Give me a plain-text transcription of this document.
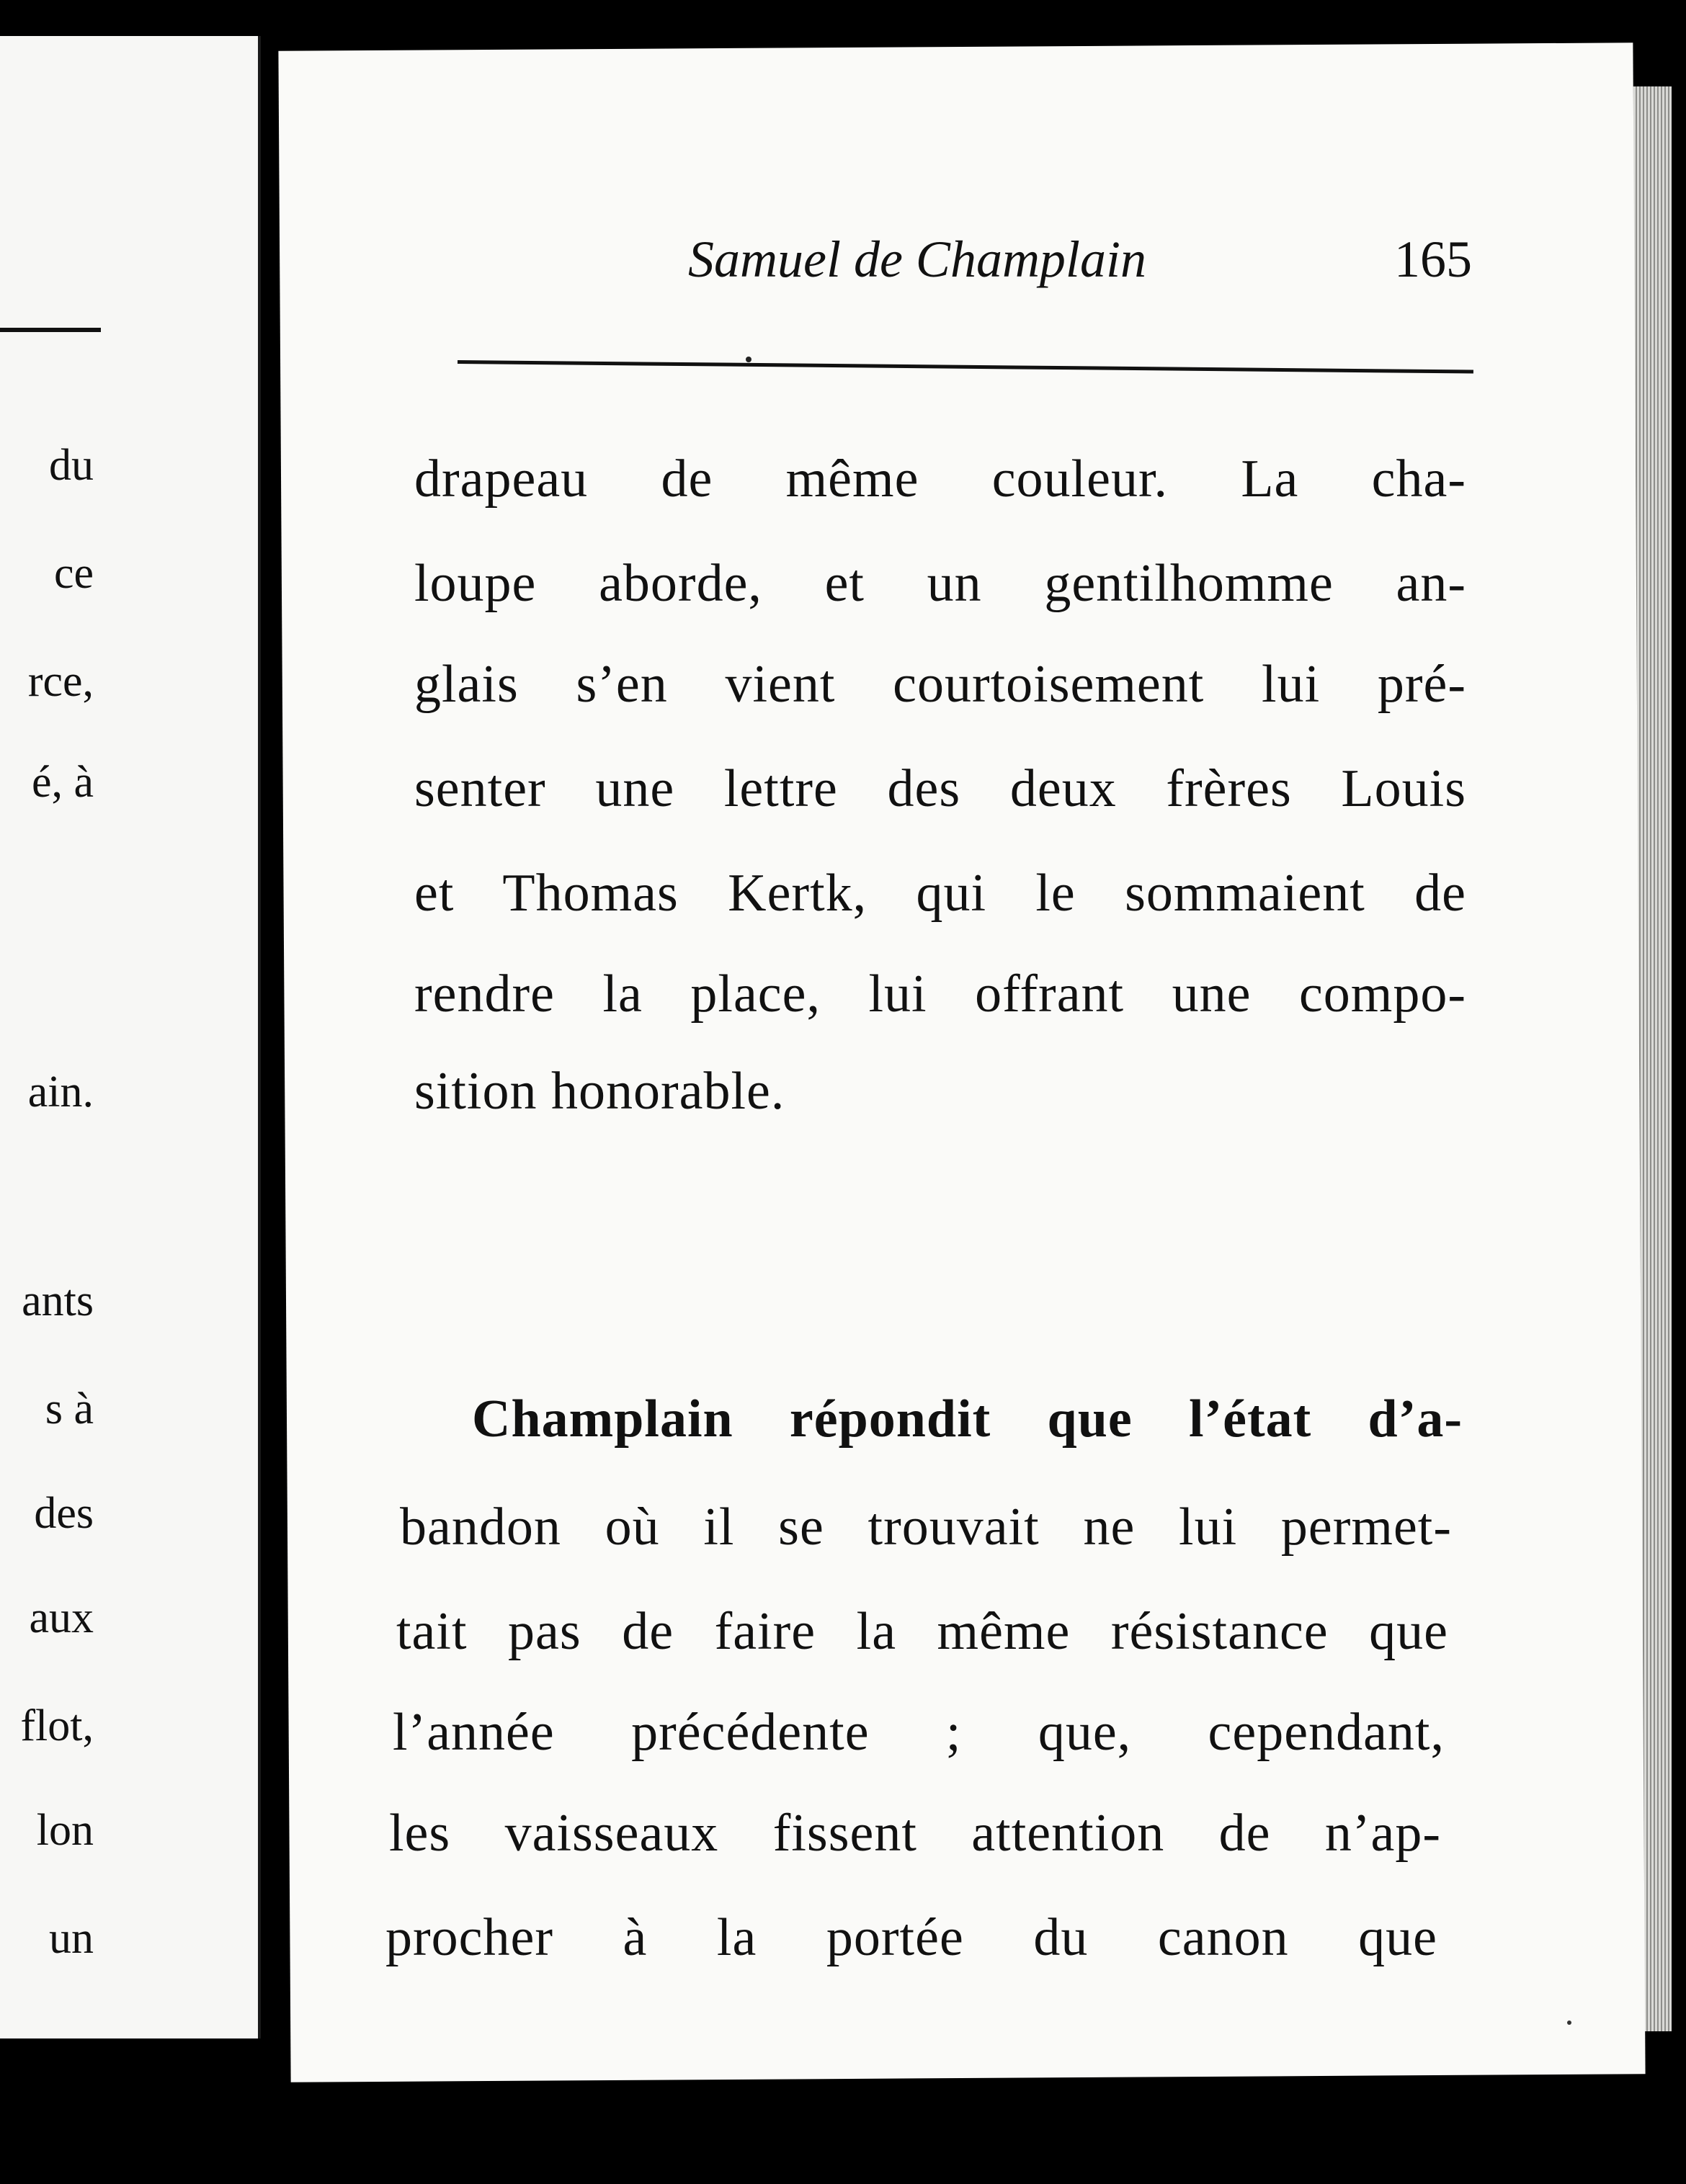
du
ce
rce,
é, à
ain.
ants
s à
des
aux
flot,
lon
un
Samuel de Champlain	165
drapeau de même couleur. La cha-
loupe aborde, et un gentilhomme an-
glais s’en vient courtoisement lui pré-
senter une lettre des deux frères Louis
et Thomas Kertk, qui le sommaient de
rendre la place, lui offrant une compo-
sition honorable.
Champlain répondit que l’état d’a-
bandon où il se trouvait ne lui permet-
tait pas de faire la même résistance que
l’année précédente ; que, cependant,
les vaisseaux fissent attention de n’ap-
procher à la portée du canon que
